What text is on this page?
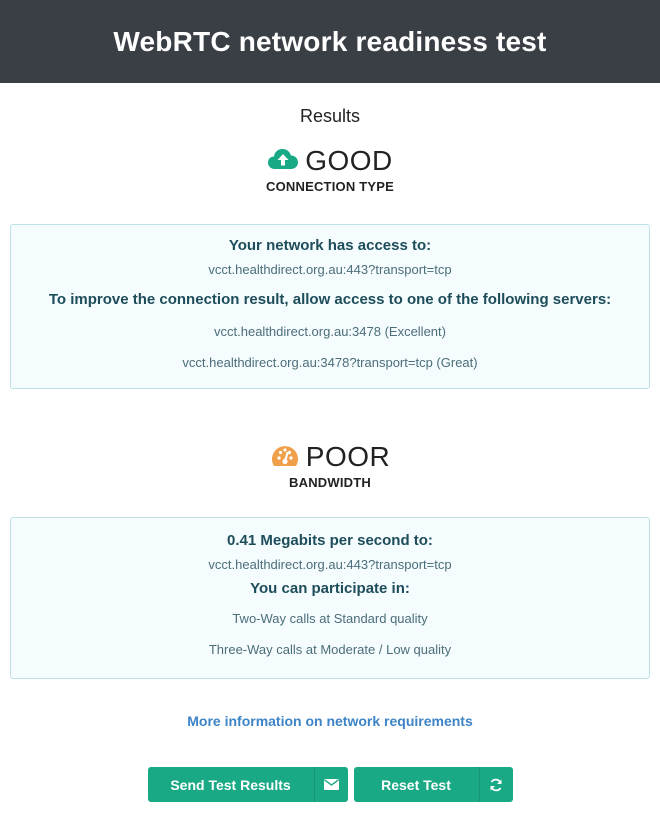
WebRTC network readiness test
Results
GOOD
CONNECTION TYPE
Your network has access to:
vcct.healthdirect.org.au:443?transport=tcp
To improve the connection result, allow access to one of the following servers:
vcct.healthdirect.org.au:3478 (Excellent)
vcct.healthdirect.org.au:3478?transport=tcp (Great)
POOR
BANDWIDTH
0.41 Megabits per second to:
vcct.healthdirect.org.au:443?transport=tcp
You can participate in:
Two-Way calls at Standard quality
Three-Way calls at Moderate / Low quality
More information on network requirements
Send Test Results	Reset Test
